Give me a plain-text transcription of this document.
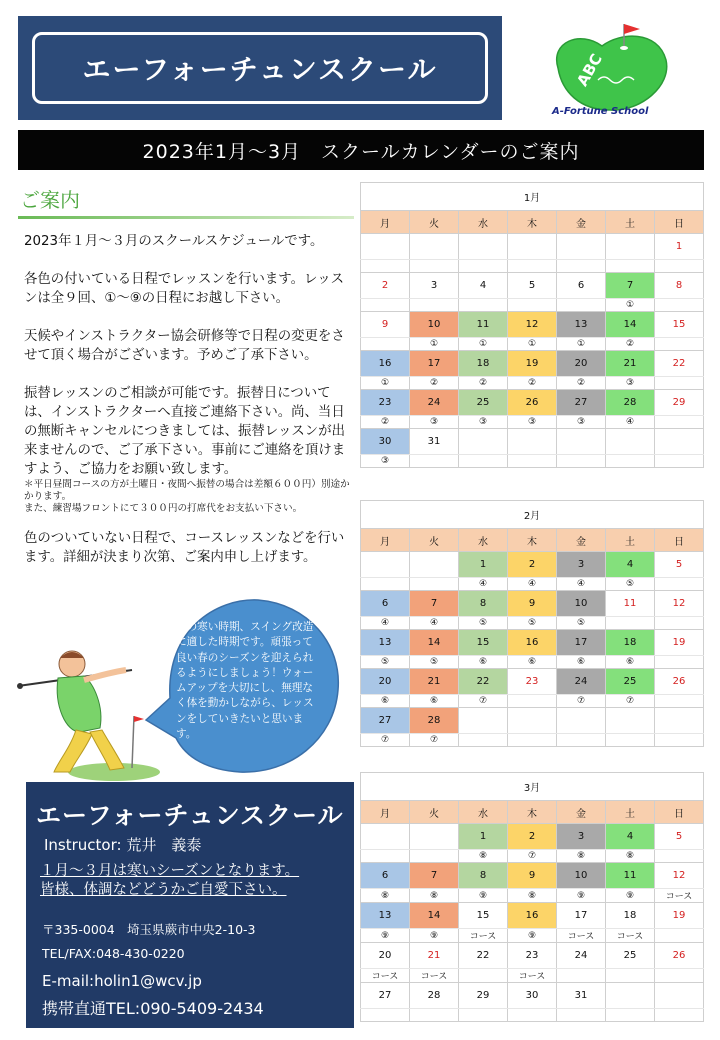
エーフォーチュンスクール	ABC
A-Fortune School
2023年1月～3月　スクールカレンダーのご案内
ご案内

2023年１月～３月のスクールスケジュールです。

各色の付いている日程でレッスンを行います。レッスンは全９回、①～⑨の日程にお越し下さい。

天候やインストラクター協会研修等で日程の変更をさせて頂く場合がございます。予めご了承下さい。

振替レッスンのご相談が可能です。振替日については、インストラクターへ直接ご連絡下さい。尚、当日の無断キャンセルにつきましては、振替レッスンが出来ませんので、ご了承下さい。事前にご連絡を頂けますよう、ご協力をお願い致します。

＊平日昼間コースの方が土曜日・夜間へ振替の場合は差額６００円）別途かかります。

また、練習場フロントにて３００円の打席代をお支払い下さい。

色のついていない日程で、コースレッスンなどを行います。詳細が決まり次第、ご案内申し上げます。

冬の寒い時期、スイング改造に適した時期です。頑張って良い春のシーズンを迎えられるようにしましょう！ウォームアップを大切にし、無理なく体を動かしながら、レッスンをしていきたいと思います。
エーフォーチュンスクール
Instructor: 荒井　義泰
１月～３月は寒いシーズンとなります。
皆様、体調などどうかご自愛下さい。
〒335-0004　埼玉県蕨市中央2-10-3
TEL/FAX:048-430-0220
E-mail:holin1@wcv.jp
携帯直通TEL:090-5409-2434
1月						
月	火	水	木	金	土	日
						1

2	3	4	5	6	7	8
					①	
9	10	11	12	13	14	15
	①	①	①	①	②	
16	17	18	19	20	21	22
①	②	②	②	②	③	
23	24	25	26	27	28	29
②	③	③	③	③	④	
30	31					
③						
2月						
月	火	水	木	金	土	日
		1	2	3	4	5
		④	④	④	⑤	
6	7	8	9	10	11	12
④	④	⑤	⑤	⑤		
13	14	15	16	17	18	19
⑤	⑤	⑥	⑥	⑥	⑥	
20	21	22	23	24	25	26
⑥	⑥	⑦		⑦	⑦	
27	28					
⑦	⑦					
3月						
月	火	水	木	金	土	日
		1	2	3	4	5
		⑧	⑦	⑧	⑧	
6	7	8	9	10	11	12
⑧	⑧	⑨	⑧	⑨	⑨	コース
13	14	15	16	17	18	19
⑨	⑨	コース	⑨	コース	コース	
20	21	22	23	24	25	26
コース	コース		コース			
27	28	29	30	31		
